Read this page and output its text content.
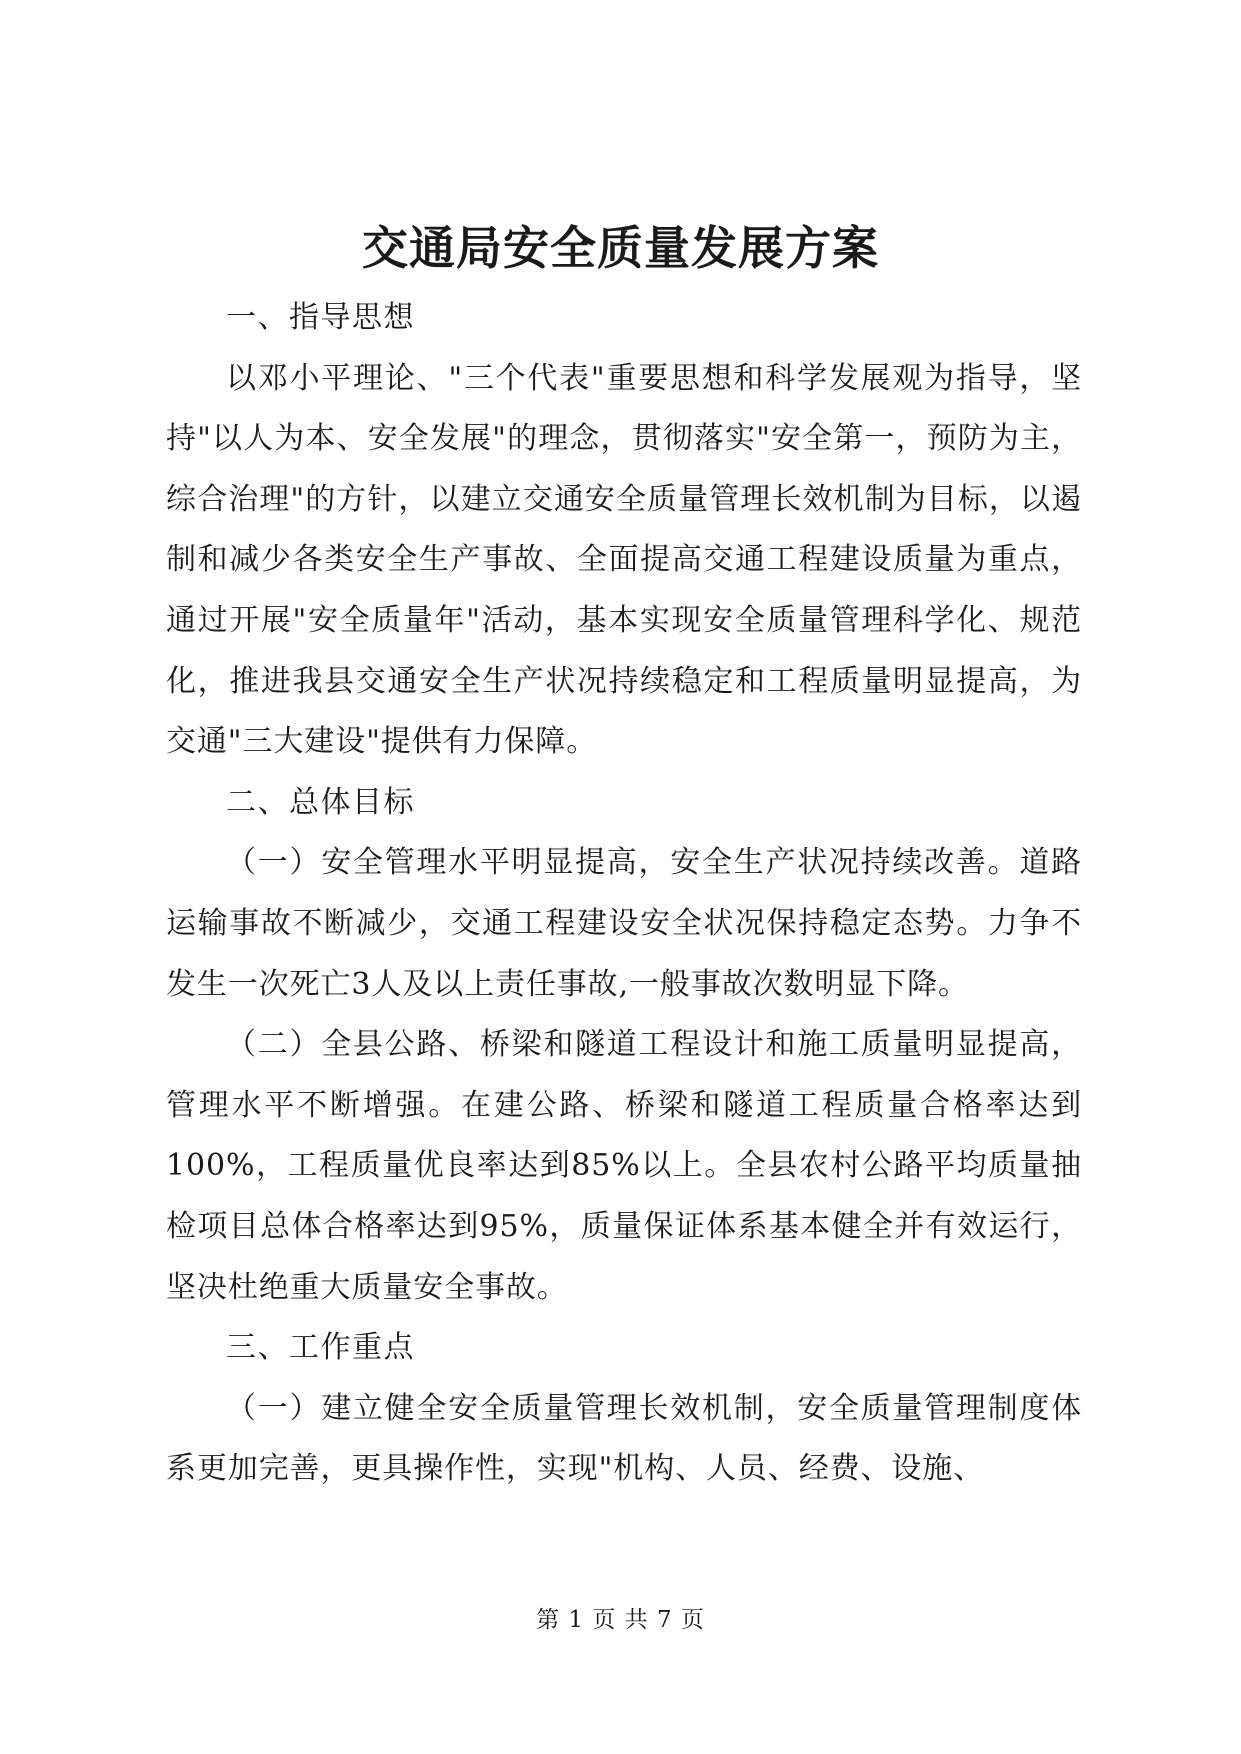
交通局安全质量发展方案

一、指导思想

以邓小平理论、"三个代表"重要思想和科学发展观为指导，坚持"以人为本、安全发展"的理念，贯彻落实"安全第一，预防为主，综合治理"的方针，以建立交通安全质量管理长效机制为目标，以遏制和减少各类安全生产事故、全面提高交通工程建设质量为重点，通过开展"安全质量年"活动，基本实现安全质量管理科学化、规范化，推进我县交通安全生产状况持续稳定和工程质量明显提高，为交通"三大建设"提供有力保障。

二、总体目标

（一）安全管理水平明显提高，安全生产状况持续改善。道路运输事故不断减少，交通工程建设安全状况保持稳定态势。力争不发生一次死亡3人及以上责任事故,一般事故次数明显下降。

（二）全县公路、桥梁和隧道工程设计和施工质量明显提高，管理水平不断增强。在建公路、桥梁和隧道工程质量合格率达到100%，工程质量优良率达到85%以上。全县农村公路平均质量抽检项目总体合格率达到95%，质量保证体系基本健全并有效运行，坚决杜绝重大质量安全事故。

三、工作重点

（一）建立健全安全质量管理长效机制，安全质量管理制度体系更加完善，更具操作性，实现"机构、人员、经费、设施、

第 1 页 共 7 页
